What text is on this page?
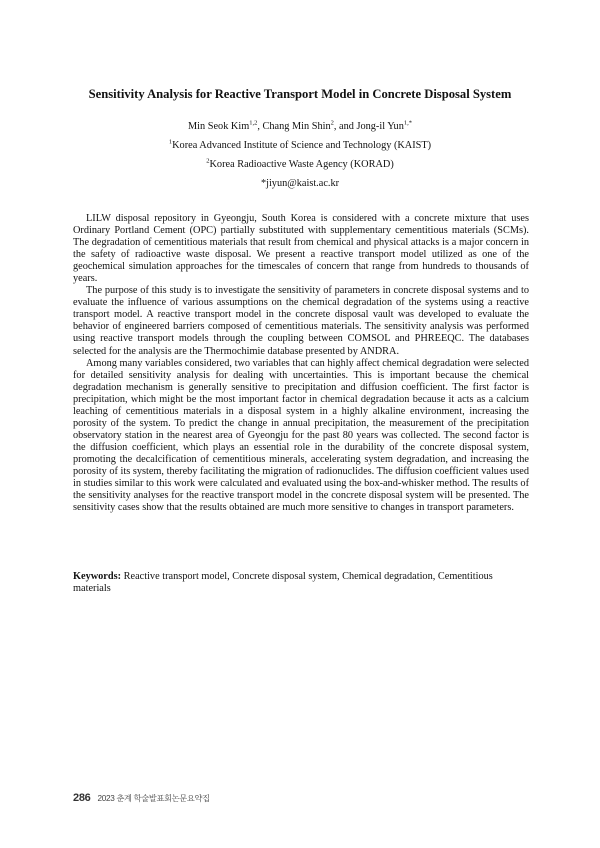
Sensitivity Analysis for Reactive Transport Model in Concrete Disposal System
Min Seok Kim$^{1,2}$, Chang Min Shin$^2$, and Jong-il Yun$^{1,*}$
$^1$Korea Advanced Institute of Science and Technology (KAIST)
$^2$Korea Radioactive Waste Agency (KORAD)
*jiyun@kaist.ac.kr

LILW disposal repository in Gyeongju, South Korea is considered with a concrete mixture that uses Ordinary Portland Cement (OPC) partially substituted with supplementary cementitious materials (SCMs). The degradation of cementitious materials that result from chemical and physical attacks is a major concern in the safety of radioactive waste disposal. We present a reactive transport model utilized as one of the geochemical simulation approaches for the timescales of concern that range from hundreds to thousands of years.

The purpose of this study is to investigate the sensitivity of parameters in concrete disposal systems and to evaluate the influence of various assumptions on the chemical degradation of the systems using a reactive transport model. A reactive transport model in the concrete disposal vault was developed to evaluate the behavior of engineered barriers composed of cementitious materials. The sensitivity analysis was performed using reactive transport models through the coupling between COMSOL and PHREEQC. The databases selected for the analysis are the Thermochimie database presented by ANDRA.

Among many variables considered, two variables that can highly affect chemical degradation were selected for detailed sensitivity analysis for dealing with uncertainties. This is important because the chemical degradation mechanism is generally sensitive to precipitation and diffusion coefficient. The first factor is precipitation, which might be the most important factor in chemical degradation because it acts as a calcium leaching of cementitious materials in a disposal system in a highly alkaline environment, increasing the porosity of the system. To predict the change in annual precipitation, the measurement of the precipitation observatory station in the nearest area of Gyeongju for the past 80 years was collected. The second factor is the diffusion coefficient, which plays an essential role in the durability of the concrete disposal system, promoting the decalcification of cementitious minerals, accelerating system degradation, and increasing the porosity of its system, thereby facilitating the migration of radionuclides. The diffusion coefficient values used in studies similar to this work were calculated and evaluated using the box-and-whisker method. The results of the sensitivity analyses for the reactive transport model in the concrete disposal system will be presented. The sensitivity cases show that the results obtained are much more sensitive to changes in transport parameters.

Keywords: Reactive transport model, Concrete disposal system, Chemical degradation, Cementitious materials
286 2023 춘계 학술발표회논문요약집
